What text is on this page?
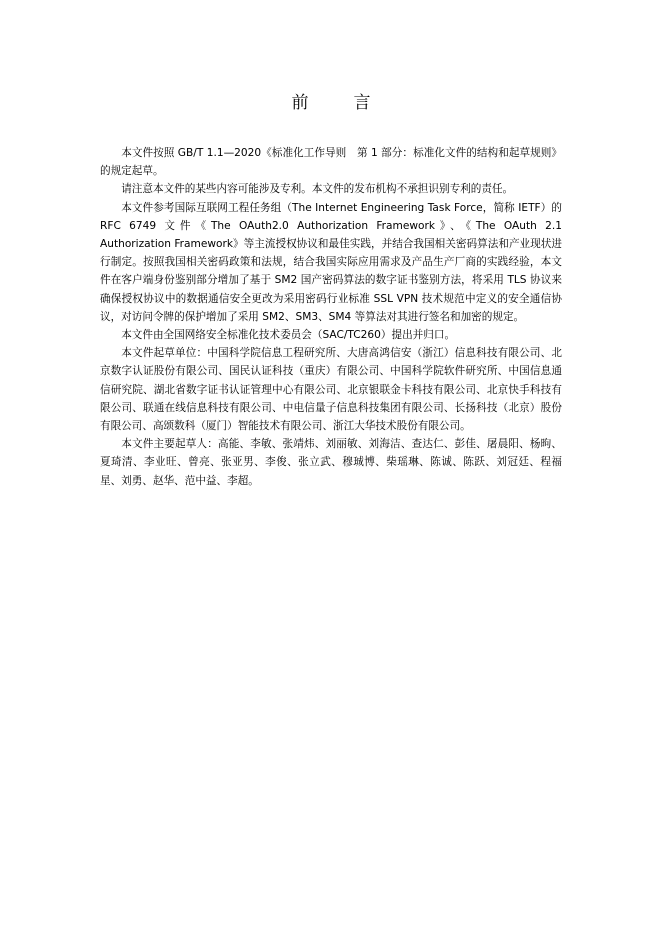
前　言

本文件按照 GB/T 1.1—2020《标准化工作导则　第 1 部分：标准化文件的结构和起草规则》的规定起草。

请注意本文件的某些内容可能涉及专利。本文件的发布机构不承担识别专利的责任。

本文件参考国际互联网工程任务组（The Internet Engineering Task Force，简称 IETF）的 RFC 6749 文件《The OAuth2.0 Authorization Framework》、《The OAuth 2.1 Authorization Framework》等主流授权协议和最佳实践，并结合我国相关密码算法和产业现状进行制定。按照我国相关密码政策和法规，结合我国实际应用需求及产品生产厂商的实践经验，本文件在客户端身份鉴别部分增加了基于 SM2 国产密码算法的数字证书鉴别方法，将采用 TLS 协议来确保授权协议中的数据通信安全更改为采用密码行业标准 SSL VPN 技术规范中定义的安全通信协议，对访问令牌的保护增加了采用 SM2、SM3、SM4 等算法对其进行签名和加密的规定。

本文件由全国网络安全标准化技术委员会（SAC/TC260）提出并归口。

本文件起草单位：中国科学院信息工程研究所、大唐高鸿信安（浙江）信息科技有限公司、北京数字认证股份有限公司、国民认证科技（重庆）有限公司、中国科学院软件研究所、中国信息通信研究院、湖北省数字证书认证管理中心有限公司、北京银联金卡科技有限公司、北京快手科技有限公司、联通在线信息科技有限公司、中电信量子信息科技集团有限公司、长扬科技（北京）股份有限公司、高颂数科（厦门）智能技术有限公司、浙江大华技术股份有限公司。

本文件主要起草人：高能、李敏、张靖炜、刘丽敏、刘海洁、查达仁、彭佳、屠晨阳、杨昫、夏琦清、李业旺、曾亮、张亚男、李俊、张立武、穆珹博、柴瑶琳、陈诚、陈跃、刘冠廷、程福星、刘勇、赵华、范中益、李超。
